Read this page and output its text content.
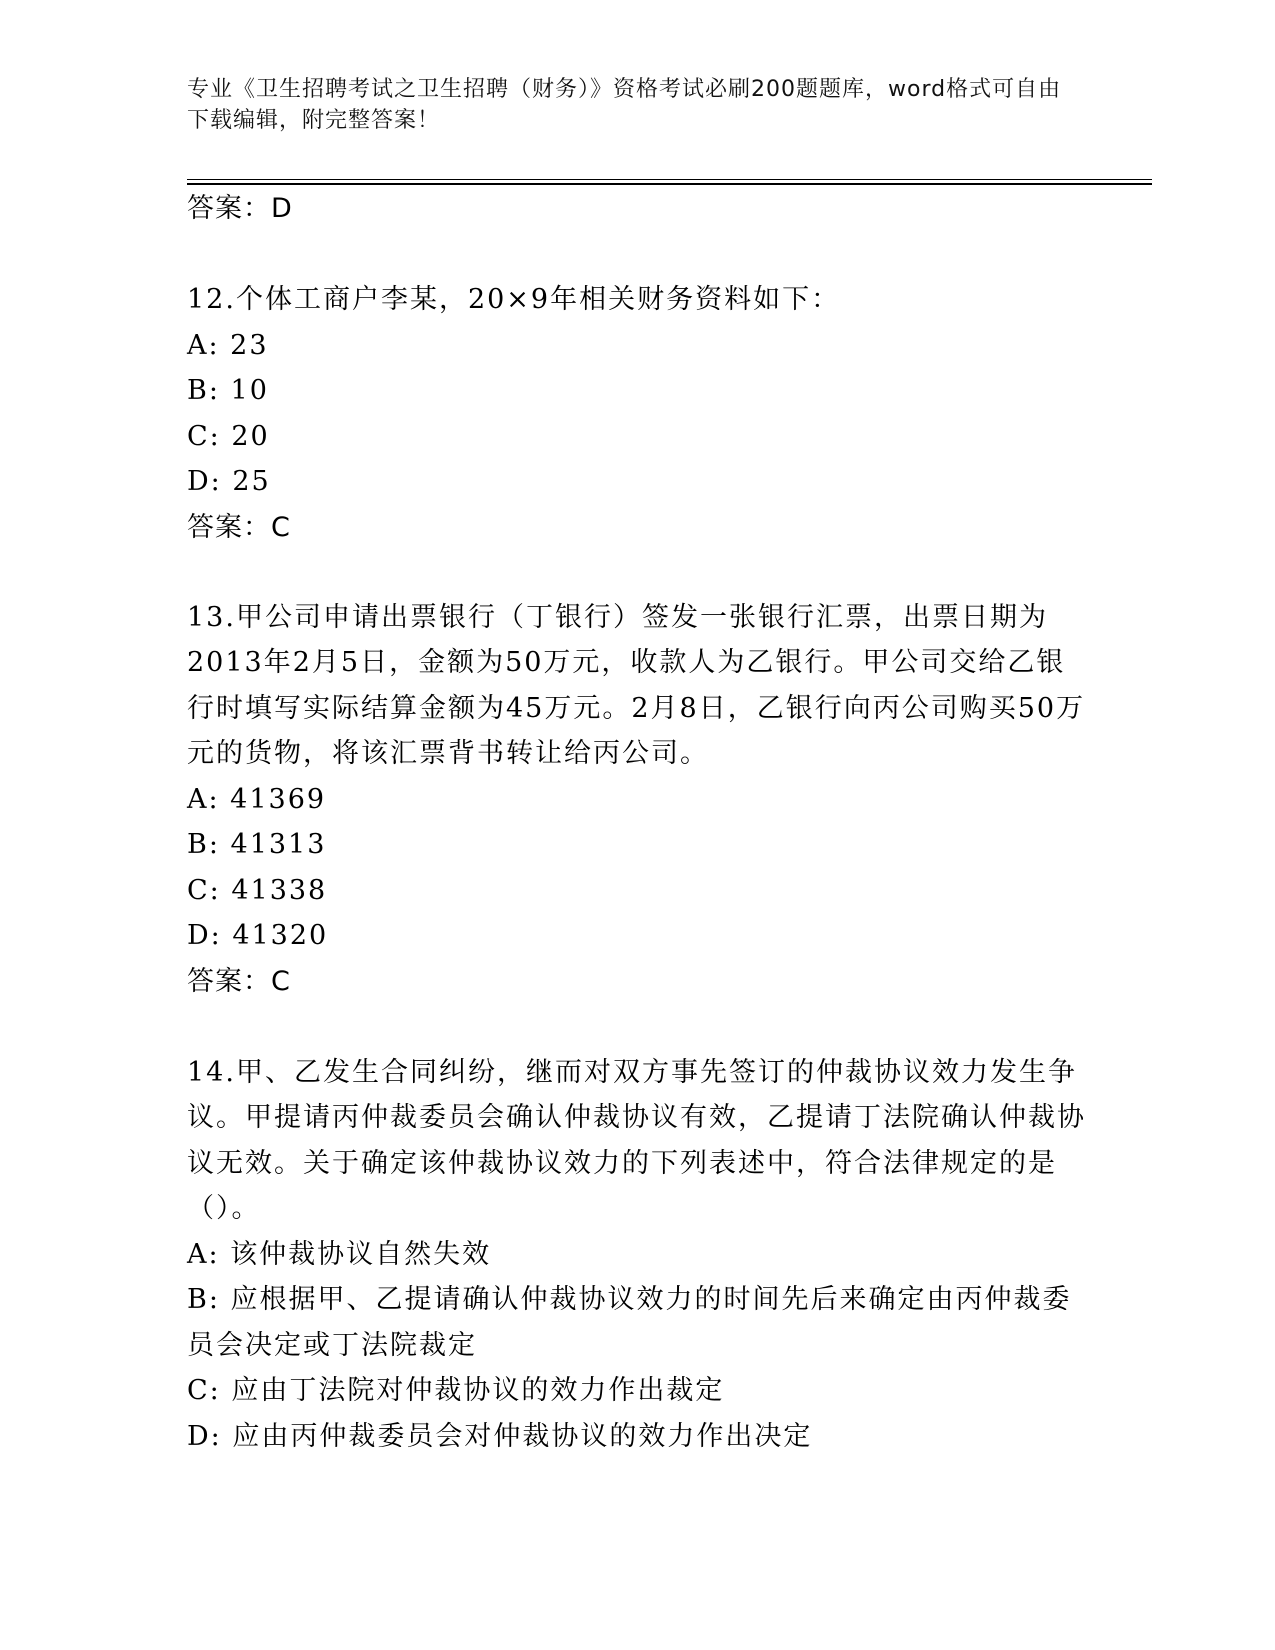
专业《卫生招聘考试之卫生招聘（财务）》资格考试必刷200题题库，word格式可自由下载编辑，附完整答案！
答案：D

12.个体工商户李某，20×9年相关财务资料如下：

A: 23
B: 10
C: 20
D: 25
答案：C

13.甲公司申请出票银行（丁银行）签发一张银行汇票，出票日期为2013年2月5日，金额为50万元，收款人为乙银行。甲公司交给乙银行时填写实际结算金额为45万元。2月8日，乙银行向丙公司购买50万元的货物，将该汇票背书转让给丙公司。

A: 41369
B: 41313
C: 41338
D: 41320
答案：C

14.甲、乙发生合同纠纷，继而对双方事先签订的仲裁协议效力发生争议。甲提请丙仲裁委员会确认仲裁协议有效，乙提请丁法院确认仲裁协议无效。关于确定该仲裁协议效力的下列表述中，符合法律规定的是（）。

A: 该仲裁协议自然失效
B: 应根据甲、乙提请确认仲裁协议效力的时间先后来确定由丙仲裁委员会决定或丁法院裁定
C: 应由丁法院对仲裁协议的效力作出裁定
D: 应由丙仲裁委员会对仲裁协议的效力作出决定
